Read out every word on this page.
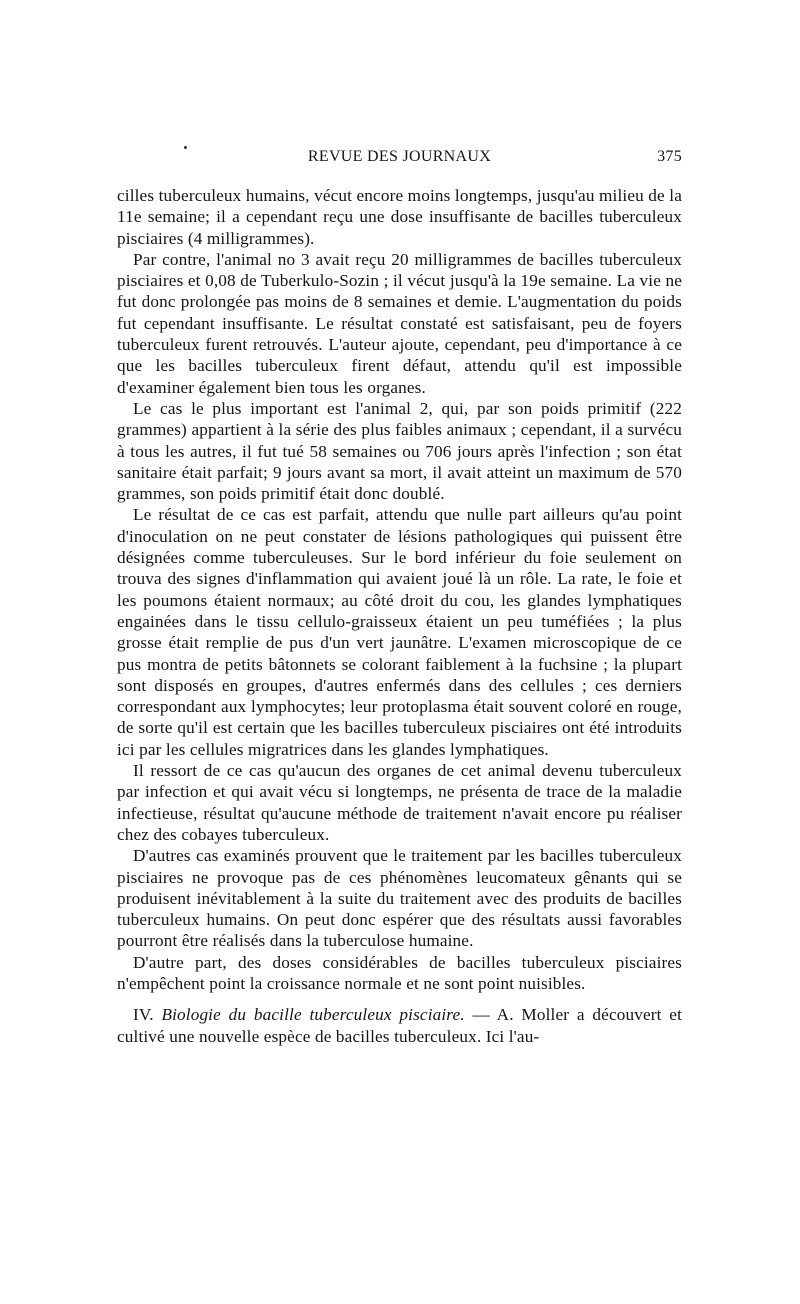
REVUE DES JOURNAUX	375

cilles tuberculeux humains, vécut encore moins longtemps, jusqu'au milieu de la 11e semaine; il a cependant reçu une dose insuffisante de bacilles tuberculeux pisciaires (4 milligrammes).

Par contre, l'animal no 3 avait reçu 20 milligrammes de bacilles tuberculeux pisciaires et 0,08 de Tuberkulo-Sozin ; il vécut jusqu'à la 19e semaine. La vie ne fut donc prolongée pas moins de 8 semaines et demie. L'augmentation du poids fut cependant insuffisante. Le résultat constaté est satisfaisant, peu de foyers tuberculeux furent retrouvés. L'auteur ajoute, cependant, peu d'importance à ce que les bacilles tuberculeux firent défaut, attendu qu'il est impossible d'examiner également bien tous les organes.

Le cas le plus important est l'animal 2, qui, par son poids primitif (222 grammes) appartient à la série des plus faibles animaux ; cependant, il a survécu à tous les autres, il fut tué 58 semaines ou 706 jours après l'infection ; son état sanitaire était parfait; 9 jours avant sa mort, il avait atteint un maximum de 570 grammes, son poids primitif était donc doublé.

Le résultat de ce cas est parfait, attendu que nulle part ailleurs qu'au point d'inoculation on ne peut constater de lésions pathologiques qui puissent être désignées comme tuberculeuses. Sur le bord inférieur du foie seulement on trouva des signes d'inflammation qui avaient joué là un rôle. La rate, le foie et les poumons étaient normaux; au côté droit du cou, les glandes lymphatiques engainées dans le tissu cellulo-graisseux étaient un peu tuméfiées ; la plus grosse était remplie de pus d'un vert jaunâtre. L'examen microscopique de ce pus montra de petits bâtonnets se colorant faiblement à la fuchsine ; la plupart sont disposés en groupes, d'autres enfermés dans des cellules ; ces derniers correspondant aux lymphocytes; leur protoplasma était souvent coloré en rouge, de sorte qu'il est certain que les bacilles tuberculeux pisciaires ont été introduits ici par les cellules migratrices dans les glandes lymphatiques.

Il ressort de ce cas qu'aucun des organes de cet animal devenu tuberculeux par infection et qui avait vécu si longtemps, ne présenta de trace de la maladie infectieuse, résultat qu'aucune méthode de traitement n'avait encore pu réaliser chez des cobayes tuberculeux.

D'autres cas examinés prouvent que le traitement par les bacilles tuberculeux pisciaires ne provoque pas de ces phénomènes leucomateux gênants qui se produisent inévitablement à la suite du traitement avec des produits de bacilles tuberculeux humains. On peut donc espérer que des résultats aussi favorables pourront être réalisés dans la tuberculose humaine.

D'autre part, des doses considérables de bacilles tuberculeux pisciaires n'empêchent point la croissance normale et ne sont point nuisibles.

IV. Biologie du bacille tuberculeux pisciaire. — A. Moller a découvert et cultivé une nouvelle espèce de bacilles tuberculeux. Ici l'au-
